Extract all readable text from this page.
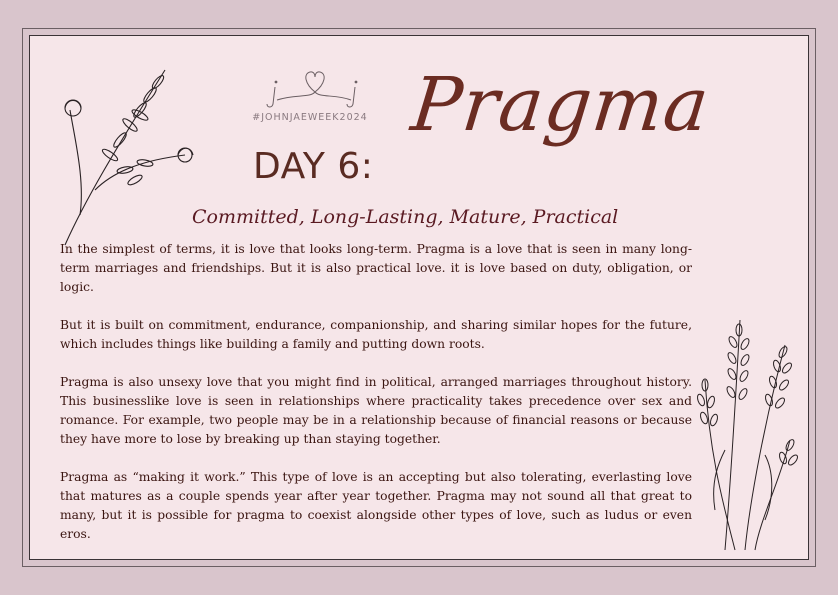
#JOHNJAEWEEK2024 Pragma
DAY 6:
Committed, Long-Lasting, Mature, Practical

In the simplest of terms, it is love that looks long-term. Pragma is a love that is seen in many long-term marriages and friendships. But it is also practical love. it is love based on duty, obligation, or logic.

But it is built on commitment, endurance, companionship, and sharing similar hopes for the future, which includes things like building a family and putting down roots.

Pragma is also unsexy love that you might find in political, arranged marriages throughout history. This businesslike love is seen in relationships where practicality takes precedence over sex and romance. For example, two people may be in a relationship because of financial reasons or because they have more to lose by breaking up than staying together.

Pragma as “making it work.” This type of love is an accepting but also tolerating, everlasting love that matures as a couple spends year after year together. Pragma may not sound all that great to many, but it is possible for pragma to coexist alongside other types of love, such as ludus or even eros.
